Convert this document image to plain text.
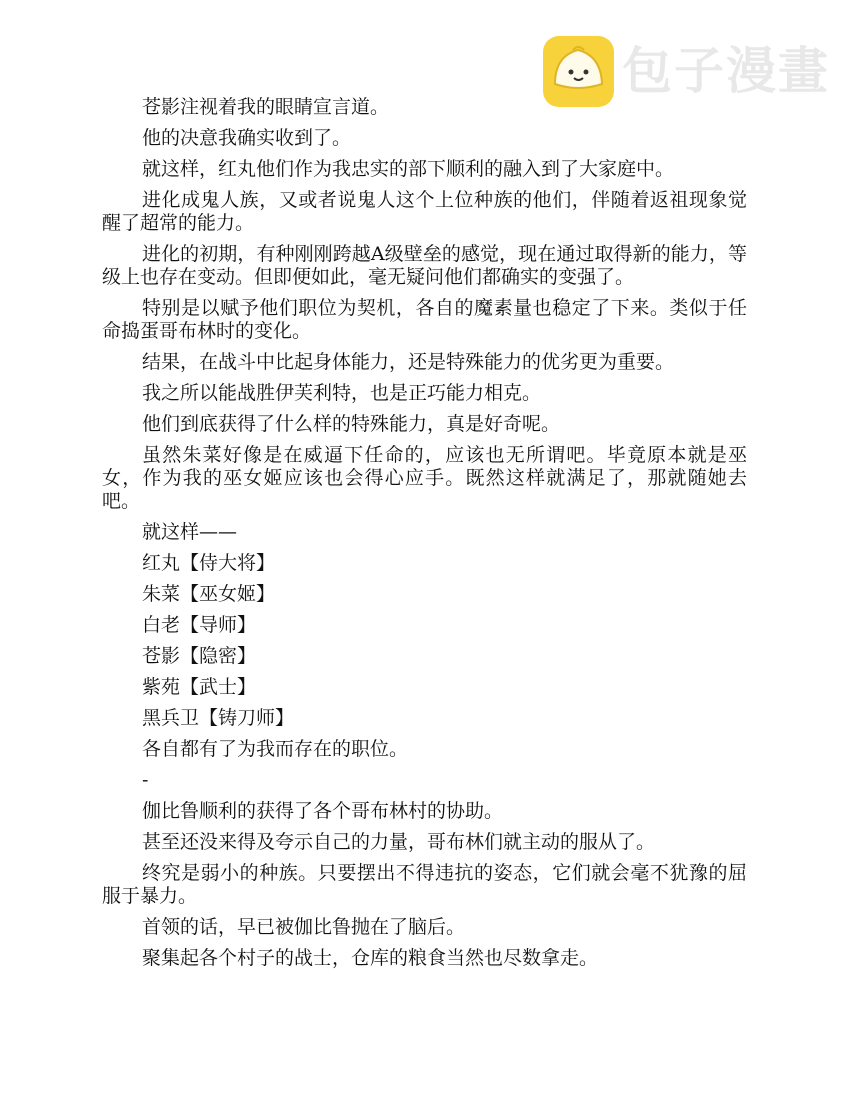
包子漫畫

苍影注视着我的眼睛宣言道。

他的决意我确实收到了。

就这样，红丸他们作为我忠实的部下顺利的融入到了大家庭中。

进化成鬼人族，又或者说鬼人这个上位种族的他们，伴随着返祖现象觉醒了超常的能力。

进化的初期，有种刚刚跨越A级壁垒的感觉，现在通过取得新的能力，等级上也存在变动。但即便如此，毫无疑问他们都确实的变强了。

特别是以赋予他们职位为契机，各自的魔素量也稳定了下来。类似于任命捣蛋哥布林时的变化。

结果，在战斗中比起身体能力，还是特殊能力的优劣更为重要。

我之所以能战胜伊芙利特，也是正巧能力相克。

他们到底获得了什么样的特殊能力，真是好奇呢。

虽然朱菜好像是在威逼下任命的，应该也无所谓吧。毕竟原本就是巫女，作为我的巫女姬应该也会得心应手。既然这样就满足了，那就随她去吧。

就这样——

红丸【侍大将】

朱菜【巫女姬】

白老【导师】

苍影【隐密】

紫苑【武士】

黑兵卫【铸刀师】

各自都有了为我而存在的职位。

-

伽比鲁顺利的获得了各个哥布林村的协助。

甚至还没来得及夸示自己的力量，哥布林们就主动的服从了。

终究是弱小的种族。只要摆出不得违抗的姿态，它们就会毫不犹豫的屈服于暴力。

首领的话，早已被伽比鲁抛在了脑后。

聚集起各个村子的战士，仓库的粮食当然也尽数拿走。
